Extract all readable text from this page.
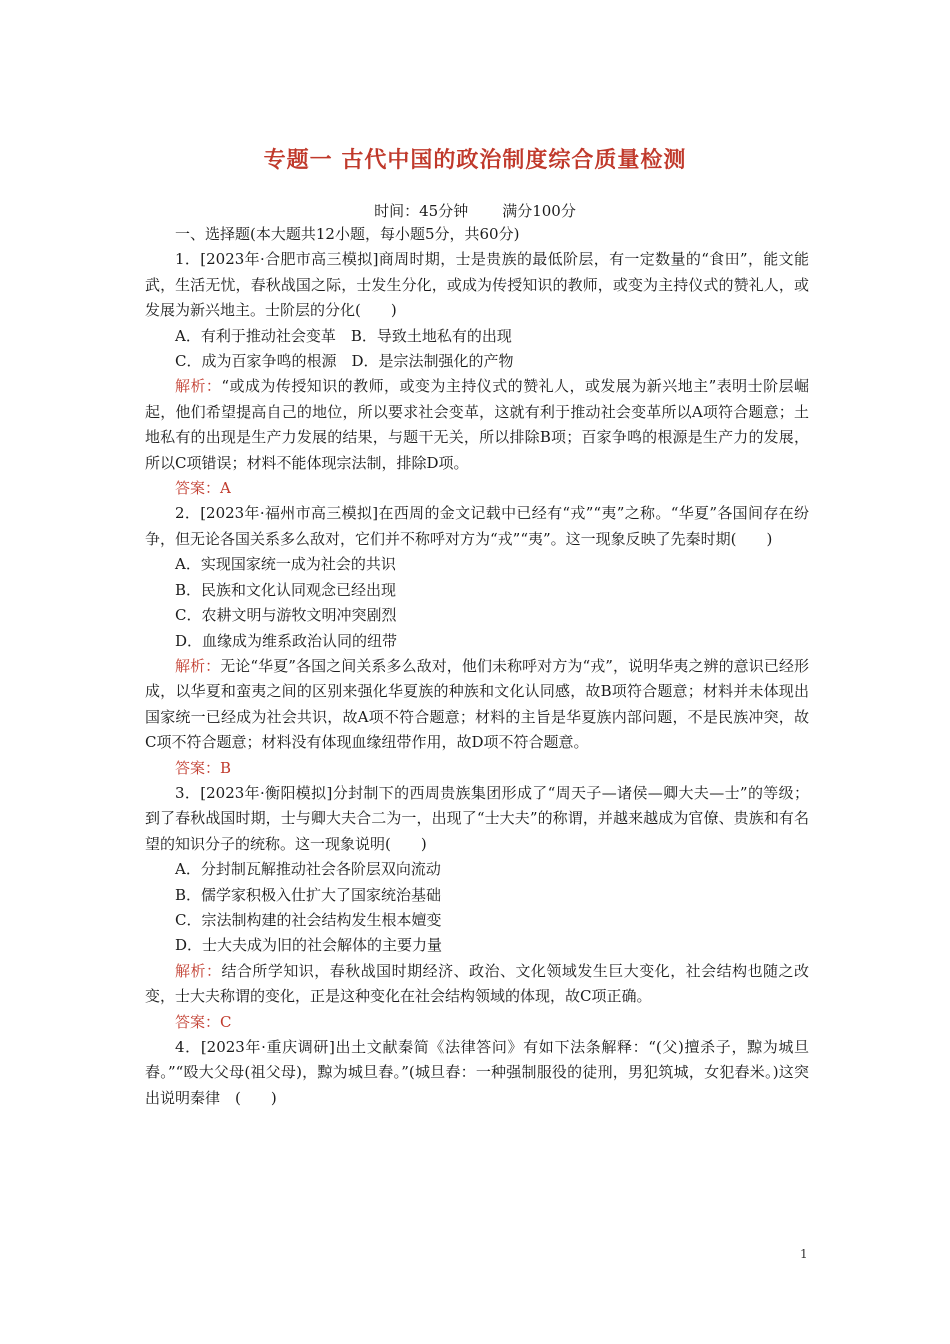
专题一 古代中国的政治制度综合质量检测
时间：45分钟 满分100分

一、选择题(本大题共12小题，每小题5分，共60分)

1．[2023年·合肥市高三模拟]商周时期，士是贵族的最低阶层，有一定数量的“食田”，能文能武，生活无忧，春秋战国之际，士发生分化，或成为传授知识的教师，或变为主持仪式的赞礼人，或发展为新兴地主。士阶层的分化(　　)

A．有利于推动社会变革　B．导致土地私有的出现

C．成为百家争鸣的根源　D．是宗法制强化的产物

解析：“或成为传授知识的教师，或变为主持仪式的赞礼人，或发展为新兴地主”表明士阶层崛起，他们希望提高自己的地位，所以要求社会变革，这就有利于推动社会变革所以A项符合题意；土地私有的出现是生产力发展的结果，与题干无关，所以排除B项；百家争鸣的根源是生产力的发展，所以C项错误；材料不能体现宗法制，排除D项。

答案：A

2．[2023年·福州市高三模拟]在西周的金文记载中已经有“戎”“夷”之称。“华夏”各国间存在纷争，但无论各国关系多么敌对，它们并不称呼对方为“戎”“夷”。这一现象反映了先秦时期(　　)

A．实现国家统一成为社会的共识

B．民族和文化认同观念已经出现

C．农耕文明与游牧文明冲突剧烈

D．血缘成为维系政治认同的纽带

解析：无论“华夏”各国之间关系多么敌对，他们未称呼对方为“戎”，说明华夷之辨的意识已经形成，以华夏和蛮夷之间的区别来强化华夏族的种族和文化认同感，故B项符合题意；材料并未体现出国家统一已经成为社会共识，故A项不符合题意；材料的主旨是华夏族内部问题，不是民族冲突，故C项不符合题意；材料没有体现血缘纽带作用，故D项不符合题意。

答案：B

3．[2023年·衡阳模拟]分封制下的西周贵族集团形成了“周天子—诸侯—卿大夫—士”的等级；到了春秋战国时期，士与卿大夫合二为一，出现了“士大夫”的称谓，并越来越成为官僚、贵族和有名望的知识分子的统称。这一现象说明(　　)

A．分封制瓦解推动社会各阶层双向流动

B．儒学家积极入仕扩大了国家统治基础

C．宗法制构建的社会结构发生根本嬗变

D．士大夫成为旧的社会解体的主要力量

解析：结合所学知识，春秋战国时期经济、政治、文化领域发生巨大变化，社会结构也随之改变，士大夫称谓的变化，正是这种变化在社会结构领域的体现，故C项正确。

答案：C

4．[2023年·重庆调研]出土文献秦简《法律答问》有如下法条解释：“(父)擅杀子，黥为城旦舂。”“殴大父母(祖父母)，黥为城旦舂。”(城旦舂：一种强制服役的徒刑，男犯筑城，女犯舂米。)这突出说明秦律　(　　)

1
